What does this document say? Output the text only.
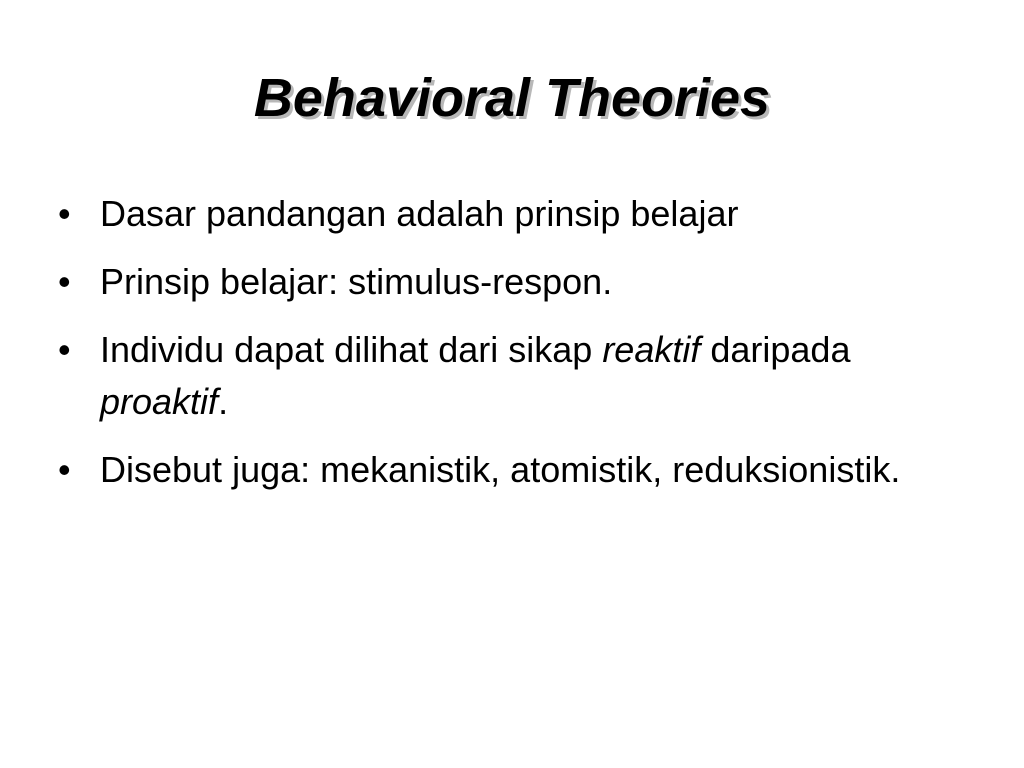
Behavioral Theories
• Dasar pandangan adalah prinsip belajar
• Prinsip belajar: stimulus-respon.
• Individu dapat dilihat dari sikap reaktif daripada proaktif.
• Disebut juga: mekanistik, atomistik, reduksionistik.
